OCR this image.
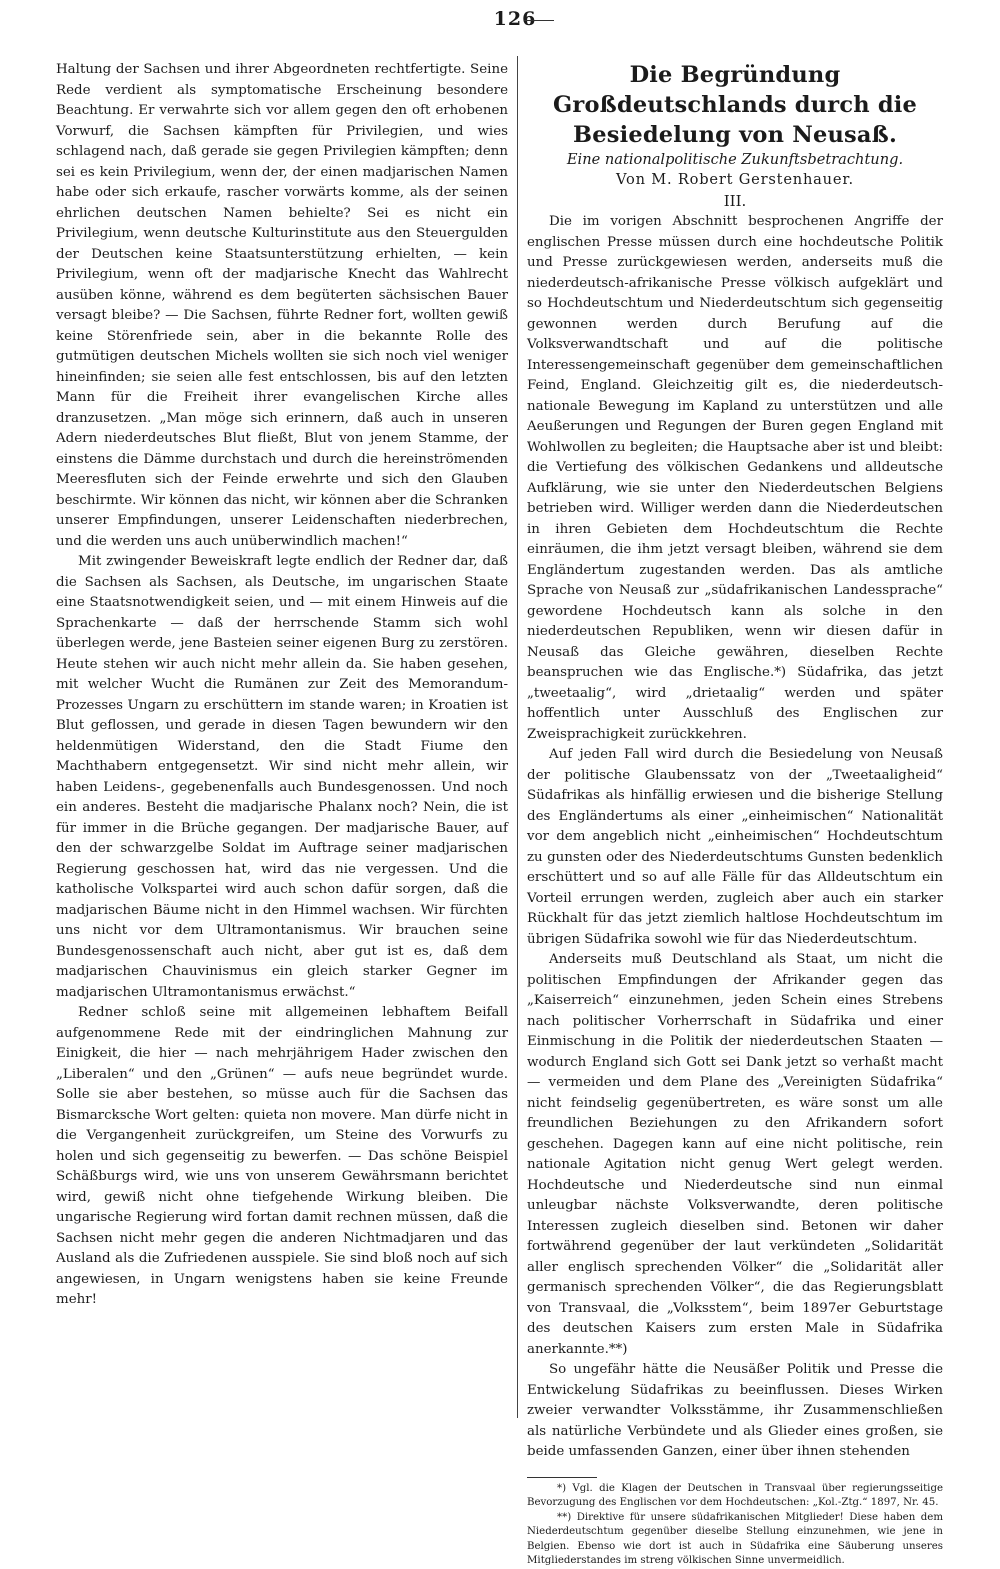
126

Haltung der Sachsen und ihrer Abgeordneten rechtfertigte. Seine Rede verdient als symptomatische Erscheinung besondere Beachtung. Er verwahrte sich vor allem gegen den oft erhobenen Vorwurf, die Sachsen kämpften für Privilegien, und wies schlagend nach, daß gerade sie gegen Privilegien kämpften; denn sei es kein Privilegium, wenn der, der einen madjarischen Namen habe oder sich erkaufe, rascher vorwärts komme, als der seinen ehrlichen deutschen Namen behielte? Sei es nicht ein Privilegium, wenn deutsche Kulturinstitute aus den Steuergulden der Deutschen keine Staatsunterstützung erhielten, — kein Privilegium, wenn oft der madjarische Knecht das Wahlrecht ausüben könne, während es dem begüterten sächsischen Bauer versagt bleibe? — Die Sachsen, führte Redner fort, wollten gewiß keine Störenfriede sein, aber in die bekannte Rolle des gutmütigen deutschen Michels wollten sie sich noch viel weniger hineinfinden; sie seien alle fest entschlossen, bis auf den letzten Mann für die Freiheit ihrer evangelischen Kirche alles dranzusetzen. „Man möge sich erinnern, daß auch in unseren Adern niederdeutsches Blut fließt, Blut von jenem Stamme, der einstens die Dämme durchstach und durch die hereinströmenden Meeresfluten sich der Feinde erwehrte und sich den Glauben beschirmte. Wir können das nicht, wir können aber die Schranken unserer Empfindungen, unserer Leidenschaften niederbrechen, und die werden uns auch unüberwindlich machen!“

Mit zwingender Beweiskraft legte endlich der Redner dar, daß die Sachsen als Sachsen, als Deutsche, im ungarischen Staate eine Staatsnotwendigkeit seien, und — mit einem Hinweis auf die Sprachenkarte — daß der herrschende Stamm sich wohl überlegen werde, jene Basteien seiner eigenen Burg zu zerstören. Heute stehen wir auch nicht mehr allein da. Sie haben gesehen, mit welcher Wucht die Rumänen zur Zeit des Memorandum-Prozesses Ungarn zu erschüttern im stande waren; in Kroatien ist Blut geflossen, und gerade in diesen Tagen bewundern wir den heldenmütigen Widerstand, den die Stadt Fiume den Machthabern entgegensetzt. Wir sind nicht mehr allein, wir haben Leidens-, gegebenenfalls auch Bundesgenossen. Und noch ein anderes. Besteht die madjarische Phalanx noch? Nein, die ist für immer in die Brüche gegangen. Der madjarische Bauer, auf den der schwarzgelbe Soldat im Auftrage seiner madjarischen Regierung geschossen hat, wird das nie vergessen. Und die katholische Volkspartei wird auch schon dafür sorgen, daß die madjarischen Bäume nicht in den Himmel wachsen. Wir fürchten uns nicht vor dem Ultramontanismus. Wir brauchen seine Bundesgenossenschaft auch nicht, aber gut ist es, daß dem madjarischen Chauvinismus ein gleich starker Gegner im madjarischen Ultramontanismus erwächst.“

Redner schloß seine mit allgemeinen lebhaftem Beifall aufgenommene Rede mit der eindringlichen Mahnung zur Einigkeit, die hier — nach mehrjährigem Hader zwischen den „Liberalen“ und den „Grünen“ — aufs neue begründet wurde. Solle sie aber bestehen, so müsse auch für die Sachsen das Bismarcksche Wort gelten: quieta non movere. Man dürfe nicht in die Vergangenheit zurückgreifen, um Steine des Vorwurfs zu holen und sich gegenseitig zu bewerfen. — Das schöne Beispiel Schäßburgs wird, wie uns von unserem Gewährsmann berichtet wird, gewiß nicht ohne tiefgehende Wirkung bleiben. Die ungarische Regierung wird fortan damit rechnen müssen, daß die Sachsen nicht mehr gegen die anderen Nichtmadjaren und das Ausland als die Zufriedenen ausspiele. Sie sind bloß noch auf sich angewiesen, in Ungarn wenigstens haben sie keine Freunde mehr!

Die Begründung Großdeutschlands durch die Besiedelung von Neusaß.

Eine nationalpolitische Zukunftsbetrachtung.

Von M. Robert Gerstenhauer.

III.

Die im vorigen Abschnitt besprochenen Angriffe der englischen Presse müssen durch eine hochdeutsche Politik und Presse zurückgewiesen werden, anderseits muß die niederdeutsch-afrikanische Presse völkisch aufgeklärt und so Hochdeutschtum und Niederdeutschtum sich gegenseitig gewonnen werden durch Berufung auf die Volksverwandtschaft und auf die politische Interessengemeinschaft gegenüber dem gemeinschaftlichen Feind, England. Gleichzeitig gilt es, die niederdeutsch-nationale Bewegung im Kapland zu unterstützen und alle Aeußerungen und Regungen der Buren gegen England mit Wohlwollen zu begleiten; die Hauptsache aber ist und bleibt: die Vertiefung des völkischen Gedankens und alldeutsche Aufklärung, wie sie unter den Niederdeutschen Belgiens betrieben wird. Williger werden dann die Niederdeutschen in ihren Gebieten dem Hochdeutschtum die Rechte einräumen, die ihm jetzt versagt bleiben, während sie dem Engländertum zugestanden werden. Das als amtliche Sprache von Neusaß zur „südafrikanischen Landessprache“ gewordene Hochdeutsch kann als solche in den niederdeutschen Republiken, wenn wir diesen dafür in Neusaß das Gleiche gewähren, dieselben Rechte beanspruchen wie das Englische.*) Südafrika, das jetzt „tweetaalig“, wird „drietaalig“ werden und später hoffentlich unter Ausschluß des Englischen zur Zweisprachigkeit zurückkehren.

Auf jeden Fall wird durch die Besiedelung von Neusaß der politische Glaubenssatz von der „Tweetaaligheid“ Südafrikas als hinfällig erwiesen und die bisherige Stellung des Engländertums als einer „einheimischen“ Nationalität vor dem angeblich nicht „einheimischen“ Hochdeutschtum zu gunsten oder des Niederdeutschtums Gunsten bedenklich erschüttert und so auf alle Fälle für das Alldeutschtum ein Vorteil errungen werden, zugleich aber auch ein starker Rückhalt für das jetzt ziemlich haltlose Hochdeutschtum im übrigen Südafrika sowohl wie für das Niederdeutschtum.

Anderseits muß Deutschland als Staat, um nicht die politischen Empfindungen der Afrikander gegen das „Kaiserreich“ einzunehmen, jeden Schein eines Strebens nach politischer Vorherrschaft in Südafrika und einer Einmischung in die Politik der niederdeutschen Staaten — wodurch England sich Gott sei Dank jetzt so verhaßt macht — vermeiden und dem Plane des „Vereinigten Südafrika“ nicht feindselig gegenübertreten, es wäre sonst um alle freundlichen Beziehungen zu den Afrikandern sofort geschehen. Dagegen kann auf eine nicht politische, rein nationale Agitation nicht genug Wert gelegt werden. Hochdeutsche und Niederdeutsche sind nun einmal unleugbar nächste Volksverwandte, deren politische Interessen zugleich dieselben sind. Betonen wir daher fortwährend gegenüber der laut verkündeten „Solidarität aller englisch sprechenden Völker“ die „Solidarität aller germanisch sprechenden Völker“, die das Regierungsblatt von Transvaal, die „Volksstem“, beim 1897er Geburtstage des deutschen Kaisers zum ersten Male in Südafrika anerkannte.**)

So ungefähr hätte die Neusäßer Politik und Presse die Entwickelung Südafrikas zu beeinflussen. Dieses Wirken zweier verwandter Volksstämme, ihr Zusammenschließen als natürliche Verbündete und als Glieder eines großen, sie beide umfassenden Ganzen, einer über ihnen stehenden

*) Vgl. die Klagen der Deutschen in Transvaal über regierungsseitige Bevorzugung des Englischen vor dem Hochdeutschen: „Kol.-Ztg.“ 1897, Nr. 45.

**) Direktive für unsere südafrikanischen Mitglieder! Diese haben dem Niederdeutschtum gegenüber dieselbe Stellung einzunehmen, wie jene in Belgien. Ebenso wie dort ist auch in Südafrika eine Säuberung unseres Mitgliederstandes im streng völkischen Sinne unvermeidlich.
